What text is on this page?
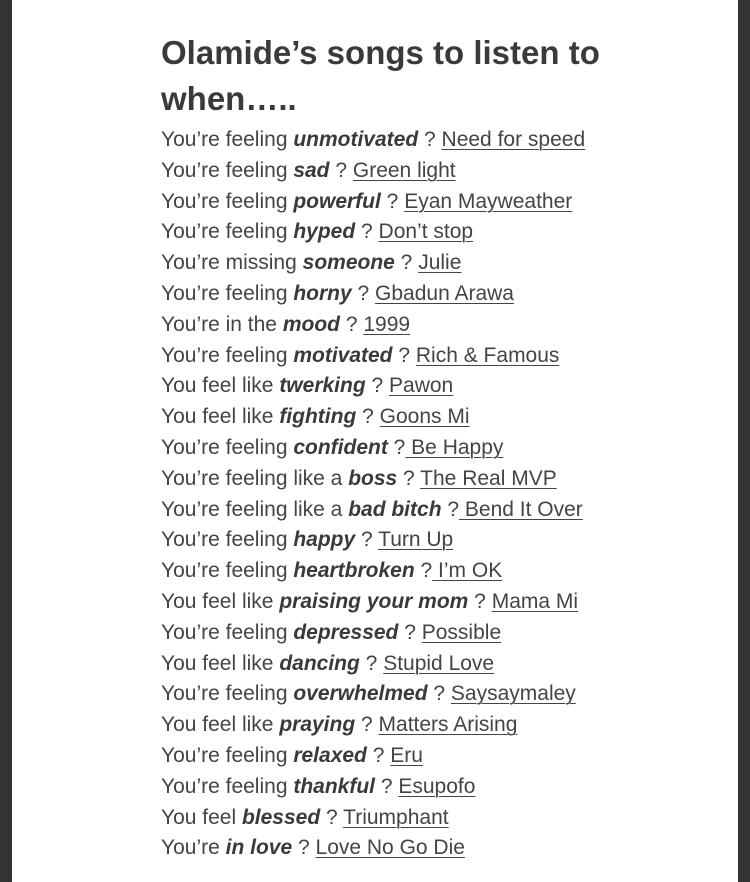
Olamide’s songs to listen to when…..
You’re feeling unmotivated ? Need for speed
You’re feeling sad ? Green light
You’re feeling powerful ? Eyan Mayweather
You’re feeling hyped ? Don’t stop
You’re missing someone ? Julie
You’re feeling horny ? Gbadun Arawa
You’re in the mood ? 1999
You’re feeling motivated ? Rich & Famous
You feel like twerking ? Pawon
You feel like fighting ? Goons Mi
You’re feeling confident ? Be Happy
You’re feeling like a boss ? The Real MVP
You’re feeling like a bad bitch ? Bend It Over
You’re feeling happy ? Turn Up
You’re feeling heartbroken ? I’m OK
You feel like praising your mom ? Mama Mi
You’re feeling depressed ? Possible
You feel like dancing ? Stupid Love
You’re feeling overwhelmed ? Saysaymaley
You feel like praying ? Matters Arising
You’re feeling relaxed ? Eru
You’re feeling thankful ? Esupofo
You feel blessed ? Triumphant
You’re in love ? Love No Go Die
